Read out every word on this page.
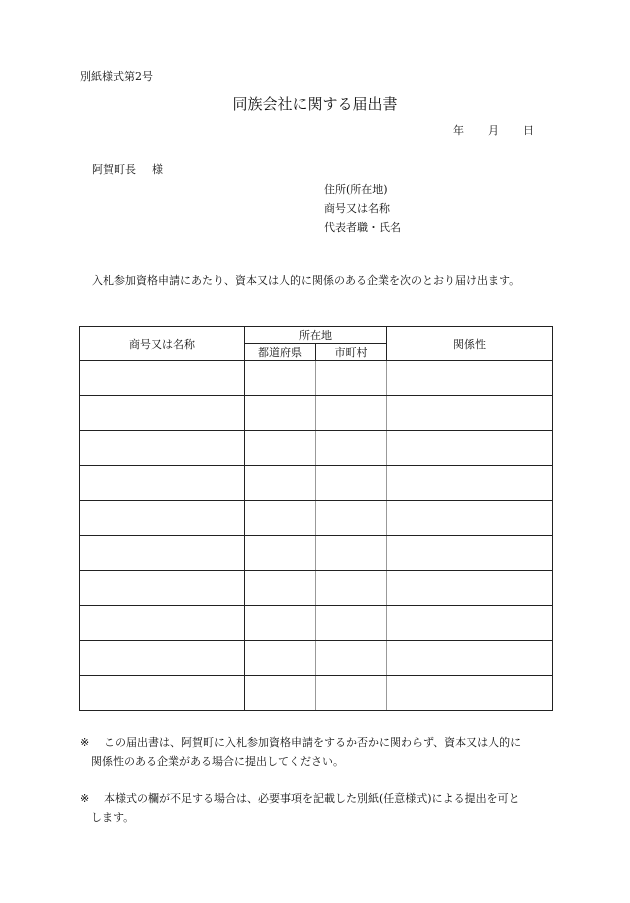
別紙様式第2号
同族会社に関する届出書
年 月 日
阿賀町長 様
住所(所在地)
商号又は名称
代表者職・氏名
入札参加資格申請にあたり、資本又は人的に関係のある企業を次のとおり届け出ます。
商号又は名称	所在地		関係性
	都道府県	市町村	

※	この届出書は、阿賀町に入札参加資格申請をするか否かに関わらず、資本又は人的に
関係性のある企業がある場合に提出してください。
※	本様式の欄が不足する場合は、必要事項を記載した別紙(任意様式)による提出を可と
します。
